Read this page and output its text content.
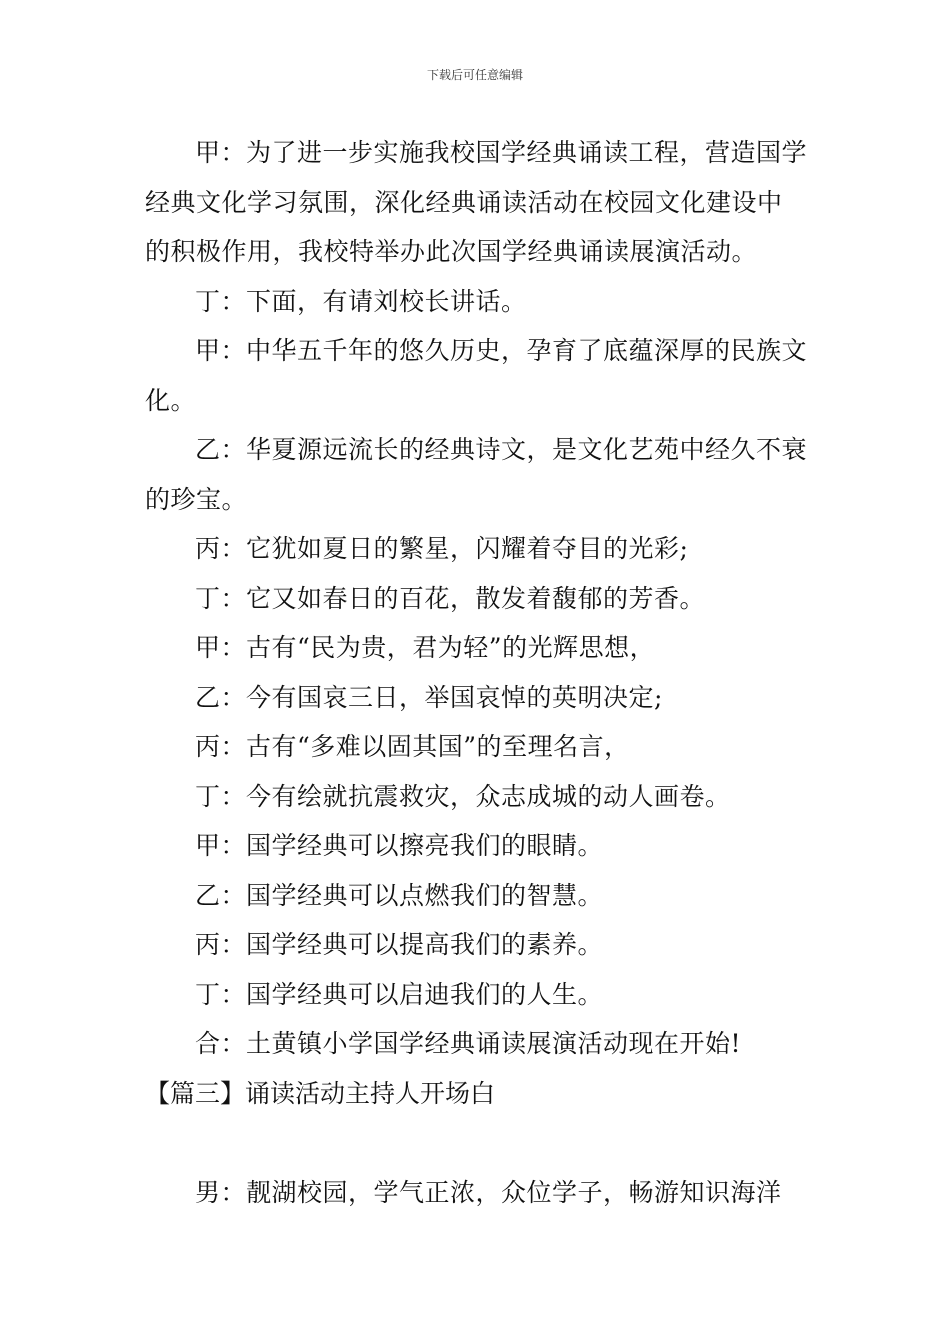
下载后可任意编辑

甲：为了进一步实施我校国学经典诵读工程，营造国学经典文化学习氛围，深化经典诵读活动在校园文化建设中的积极作用，我校特举办此次国学经典诵读展演活动。

丁：下面，有请刘校长讲话。

甲：中华五千年的悠久历史，孕育了底蕴深厚的民族文化。

乙：华夏源远流长的经典诗文，是文化艺苑中经久不衰的珍宝。

丙：它犹如夏日的繁星，闪耀着夺目的光彩;

丁：它又如春日的百花，散发着馥郁的芳香。

甲：古有“民为贵，君为轻”的光辉思想，

乙：今有国哀三日，举国哀悼的英明决定;

丙：古有“多难以固其国”的至理名言，

丁：今有绘就抗震救灾，众志成城的动人画卷。

甲：国学经典可以擦亮我们的眼睛。

乙：国学经典可以点燃我们的智慧。

丙：国学经典可以提高我们的素养。

丁：国学经典可以启迪我们的人生。

合：土黄镇小学国学经典诵读展演活动现在开始!

【篇三】诵读活动主持人开场白

男：靓湖校园，学气正浓，众位学子，畅游知识海洋
